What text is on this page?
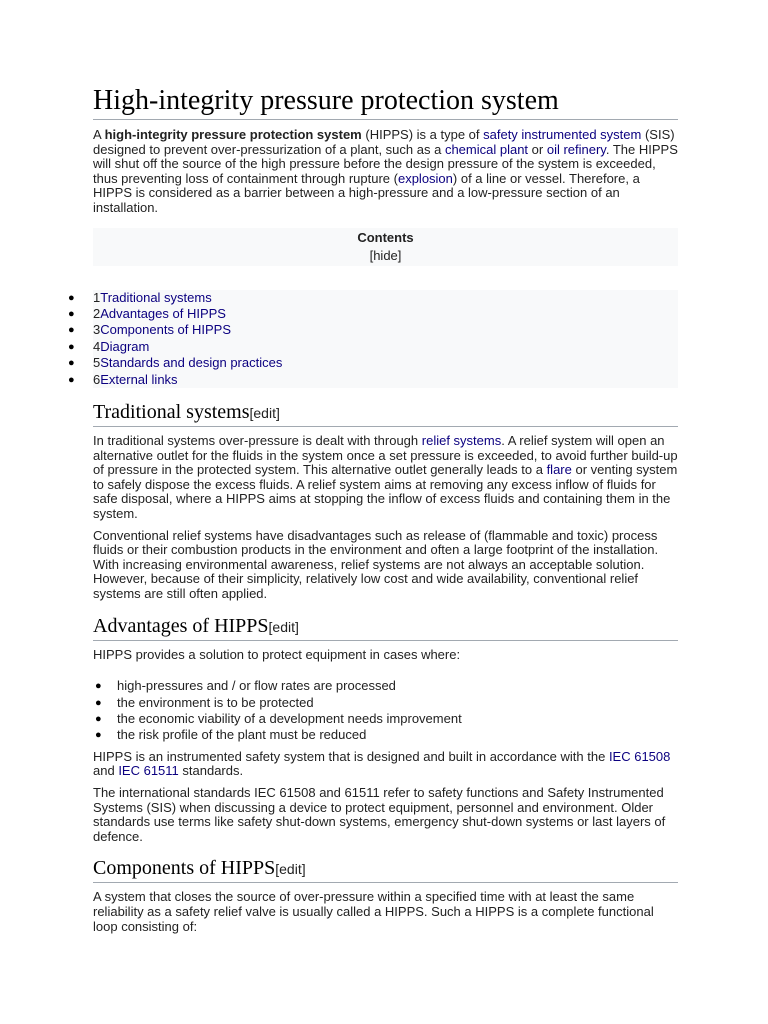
High-integrity pressure protection system

A high-integrity pressure protection system (HIPPS) is a type of safety instrumented system (SIS) designed to prevent over-pressurization of a plant, such as a chemical plant or oil refinery. The HIPPS will shut off the source of the high pressure before the design pressure of the system is exceeded, thus preventing loss of containment through rupture (explosion) of a line or vessel. Therefore, a HIPPS is considered as a barrier between a high-pressure and a low-pressure section of an installation.

Contents
[hide]
● 1Traditional systems
● 2Advantages of HIPPS
● 3Components of HIPPS
● 4Diagram
● 5Standards and design practices
● 6External links
Traditional systems[edit]

In traditional systems over-pressure is dealt with through relief systems. A relief system will open an alternative outlet for the fluids in the system once a set pressure is exceeded, to avoid further build-up of pressure in the protected system. This alternative outlet generally leads to a flare or venting system to safely dispose the excess fluids. A relief system aims at removing any excess inflow of fluids for safe disposal, where a HIPPS aims at stopping the inflow of excess fluids and containing them in the system.

Conventional relief systems have disadvantages such as release of (flammable and toxic) process fluids or their combustion products in the environment and often a large footprint of the installation. With increasing environmental awareness, relief systems are not always an acceptable solution. However, because of their simplicity, relatively low cost and wide availability, conventional relief systems are still often applied.

Advantages of HIPPS[edit]

HIPPS provides a solution to protect equipment in cases where:

● high-pressures and / or flow rates are processed
● the environment is to be protected
● the economic viability of a development needs improvement
● the risk profile of the plant must be reduced

HIPPS is an instrumented safety system that is designed and built in accordance with the IEC 61508 and IEC 61511 standards.

The international standards IEC 61508 and 61511 refer to safety functions and Safety Instrumented Systems (SIS) when discussing a device to protect equipment, personnel and environment. Older standards use terms like safety shut-down systems, emergency shut-down systems or last layers of defence.

Components of HIPPS[edit]

A system that closes the source of over-pressure within a specified time with at least the same reliability as a safety relief valve is usually called a HIPPS. Such a HIPPS is a complete functional loop consisting of:
